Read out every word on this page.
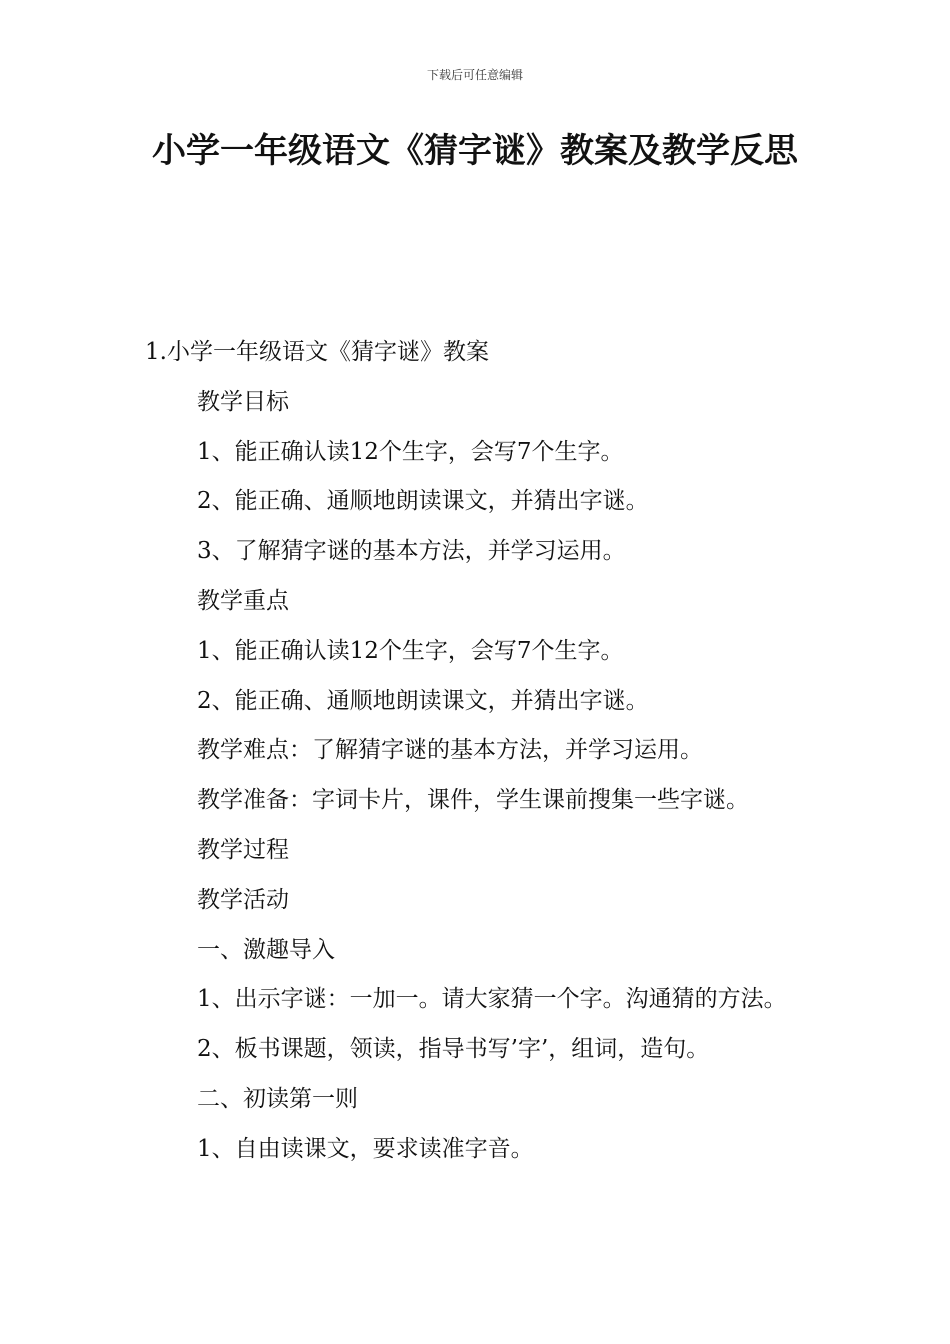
下载后可任意编辑
小学一年级语文《猜字谜》教案及教学反思

1.小学一年级语文《猜字谜》教案

教学目标

1、能正确认读12个生字，会写7个生字。

2、能正确、通顺地朗读课文，并猜出字谜。

3、了解猜字谜的基本方法，并学习运用。

教学重点

1、能正确认读12个生字，会写7个生字。

2、能正确、通顺地朗读课文，并猜出字谜。

教学难点：了解猜字谜的基本方法，并学习运用。

教学准备：字词卡片，课件，学生课前搜集一些字谜。

教学过程

教学活动

一、激趣导入

1、出示字谜：一加一。请大家猜一个字。沟通猜的方法。

2、板书课题，领读，指导书写’字’，组词，造句。

二、初读第一则

1、自由读课文，要求读准字音。
